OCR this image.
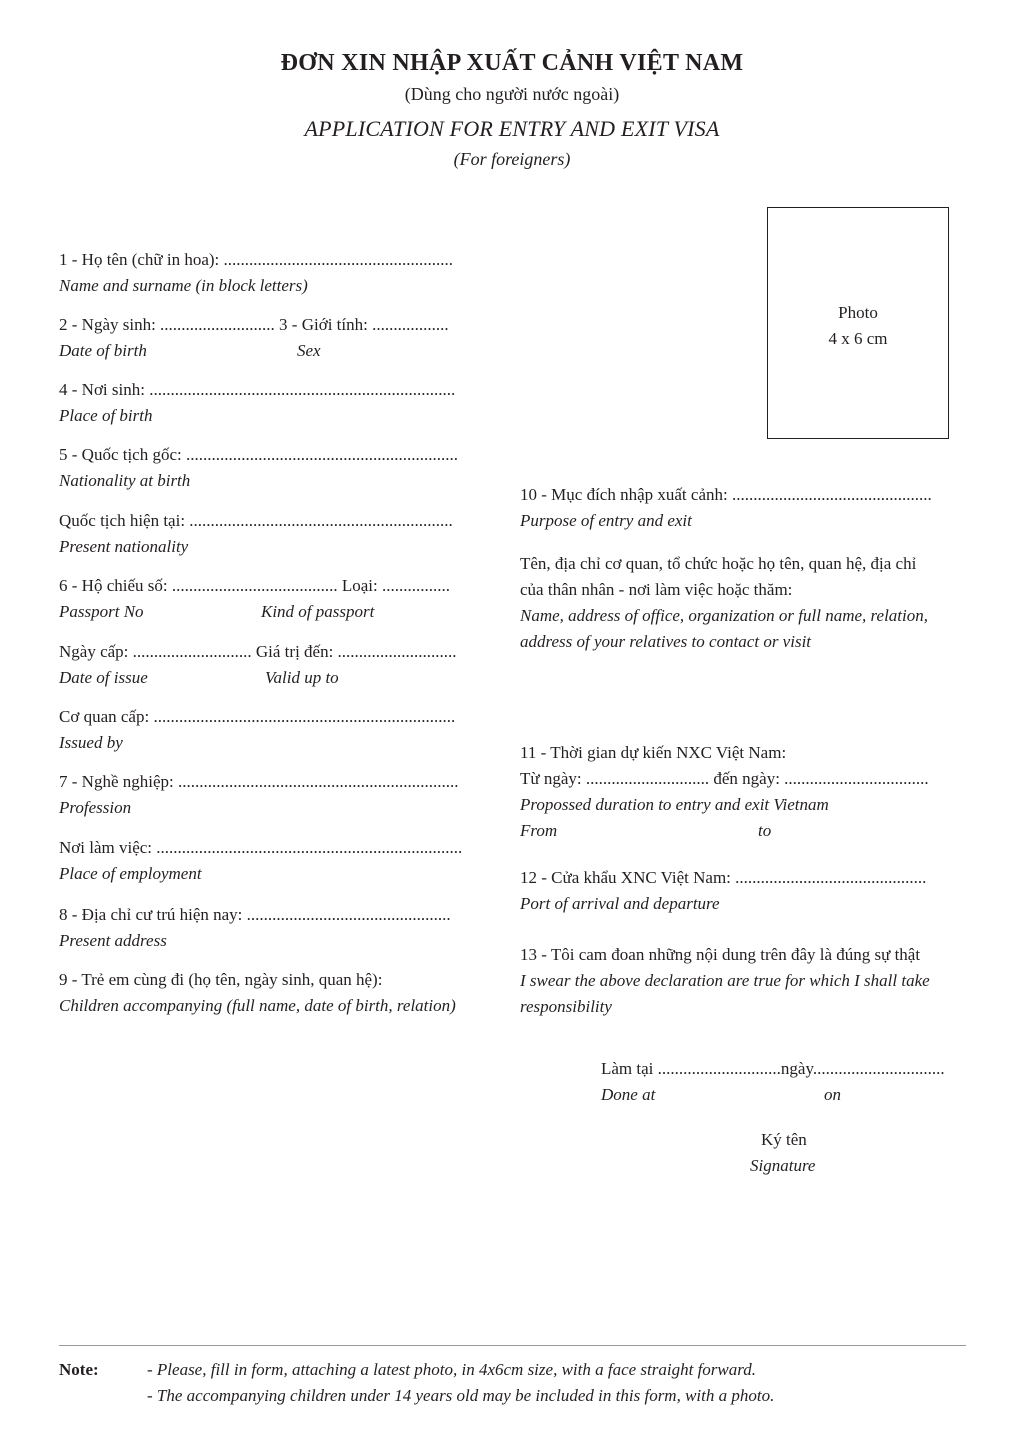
ĐƠN XIN NHẬP XUẤT CẢNH VIỆT NAM
(Dùng cho người nước ngoài)
APPLICATION FOR ENTRY AND EXIT VISA
(For foreigners)
Photo
4 x 6 cm
1 - Họ tên (chữ in hoa): ......................................................
Name and surname (in block letters)
2 - Ngày sinh: ........................... 3 - Giới tính: ..................
Date of birth	Sex
4 - Nơi sinh: ........................................................................
Place of birth
5 - Quốc tịch gốc: ................................................................
Nationality at birth
Quốc tịch hiện tại: ..............................................................
Present nationality
6 - Hộ chiếu số: ....................................... Loại: ................
Passport No	Kind of passport
Ngày cấp: ............................ Giá trị đến: ............................
Date of issue	Valid up to
Cơ quan cấp: .......................................................................
Issued by
7 - Nghề nghiệp: ..................................................................
Profession
Nơi làm việc: ........................................................................
Place of employment
8 - Địa chỉ cư trú hiện nay: ................................................
Present address
9 - Trẻ em cùng đi (họ tên, ngày sinh, quan hệ):
Children accompanying (full name, date of birth, relation)
10 - Mục đích nhập xuất cảnh: ...............................................
Purpose of entry and exit
Tên, địa chỉ cơ quan, tổ chức hoặc họ tên, quan hệ, địa chỉ
của thân nhân - nơi làm việc hoặc thăm:
Name, address of office, organization or full name, relation,
address of your relatives to contact or visit
11 - Thời gian dự kiến NXC Việt Nam:
Từ ngày: ............................. đến ngày: ..................................
Propossed duration to entry and exit Vietnam
From	to
12 - Cửa khẩu XNC Việt Nam: .............................................
Port of arrival and departure
13 - Tôi cam đoan những nội dung trên đây là đúng sự thật
I swear the above declaration are true for which I shall take
responsibility
Làm tại .............................ngày...............................
Done at	on
Ký tên
Signature
Note:	- Please, fill in form, attaching a latest photo, in 4x6cm size, with a face straight forward.
- The accompanying children under 14 years old may be included in this form, with a photo.
